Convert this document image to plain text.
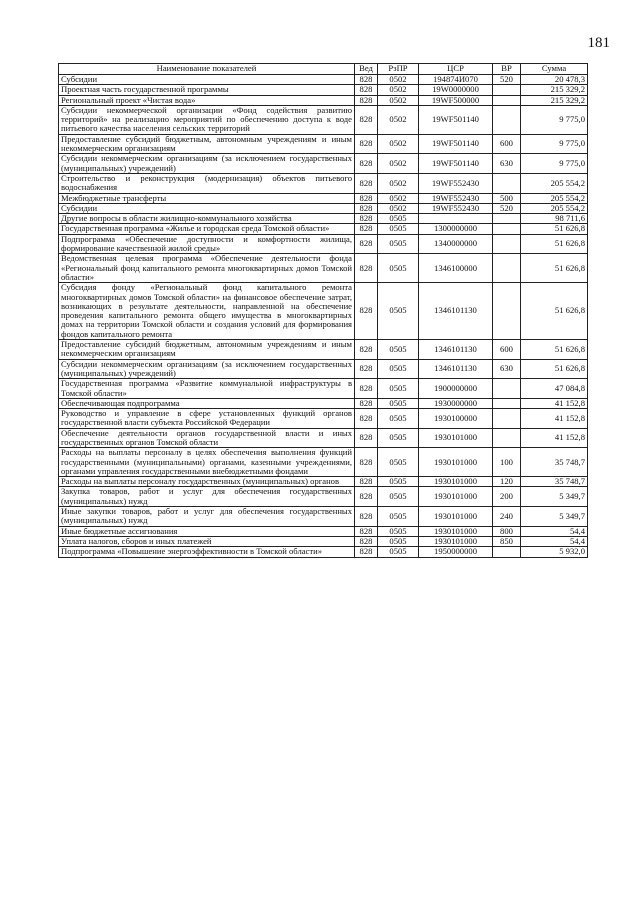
181
Наименование показателей	Вед	РзПР	ЦСР	ВР	Сумма
Субсидии	828	0502	194874И070	520	20 478,3
Проектная часть государственной программы	828	0502	19W0000000		215 329,2
Региональный проект «Чистая вода»	828	0502	19WF500000		215 329,2
Субсидии некоммерческой организации «Фонд содействия развитию территорий» на реализацию мероприятий по обеспечению доступа к воде питьевого качества населения сельских территорий	828	0502	19WF501140		9 775,0
Предоставление субсидий бюджетным, автономным учреждениям и иным некоммерческим организациям	828	0502	19WF501140	600	9 775,0
Субсидии некоммерческим организациям (за исключением государственных (муниципальных) учреждений)	828	0502	19WF501140	630	9 775,0
Строительство и реконструкция (модернизация) объектов питьевого водоснабжения	828	0502	19WF552430		205 554,2
Межбюджетные трансферты	828	0502	19WF552430	500	205 554,2
Субсидии	828	0502	19WF552430	520	205 554,2
Другие вопросы в области жилищно-коммунального хозяйства	828	0505			98 711,6
Государственная программа «Жилье и городская среда Томской области»	828	0505	1300000000		51 626,8
Подпрограмма «Обеспечение доступности и комфортности жилища, формирование качественной жилой среды»	828	0505	1340000000		51 626,8
Ведомственная целевая программа «Обеспечение деятельности фонда «Региональный фонд капитального ремонта многоквартирных домов Томской области»	828	0505	1346100000		51 626,8
Субсидия фонду «Региональный фонд капитального ремонта многоквартирных домов Томской области» на финансовое обеспечение затрат, возникающих в результате деятельности, направленной на обеспечение проведения капитального ремонта общего имущества в многоквартирных домах на территории Томской области и создания условий для формирования фондов капитального ремонта	828	0505	1346101130		51 626,8
Предоставление субсидий бюджетным, автономным учреждениям и иным некоммерческим организациям	828	0505	1346101130	600	51 626,8
Субсидии некоммерческим организациям (за исключением государственных (муниципальных) учреждений)	828	0505	1346101130	630	51 626,8
Государственная программа «Развитие коммунальной инфраструктуры в Томской области»	828	0505	1900000000		47 084,8
Обеспечивающая подпрограмма	828	0505	1930000000		41 152,8
Руководство и управление в сфере установленных функций органов государственной власти субъекта Российской Федерации	828	0505	1930100000		41 152,8
Обеспечение деятельности органов государственной власти и иных государственных органов Томской области	828	0505	1930101000		41 152,8
Расходы на выплаты персоналу в целях обеспечения выполнения функций государственными (муниципальными) органами, казенными учреждениями, органами управления государственными внебюджетными фондами	828	0505	1930101000	100	35 748,7
Расходы на выплаты персоналу государственных (муниципальных) органов	828	0505	1930101000	120	35 748,7
Закупка товаров, работ и услуг для обеспечения государственных (муниципальных) нужд	828	0505	1930101000	200	5 349,7
Иные закупки товаров, работ и услуг для обеспечения государственных (муниципальных) нужд	828	0505	1930101000	240	5 349,7
Иные бюджетные ассигнования	828	0505	1930101000	800	54,4
Уплата налогов, сборов и иных платежей	828	0505	1930101000	850	54,4
Подпрограмма «Повышение энергоэффективности в Томской области»	828	0505	1950000000		5 932,0
